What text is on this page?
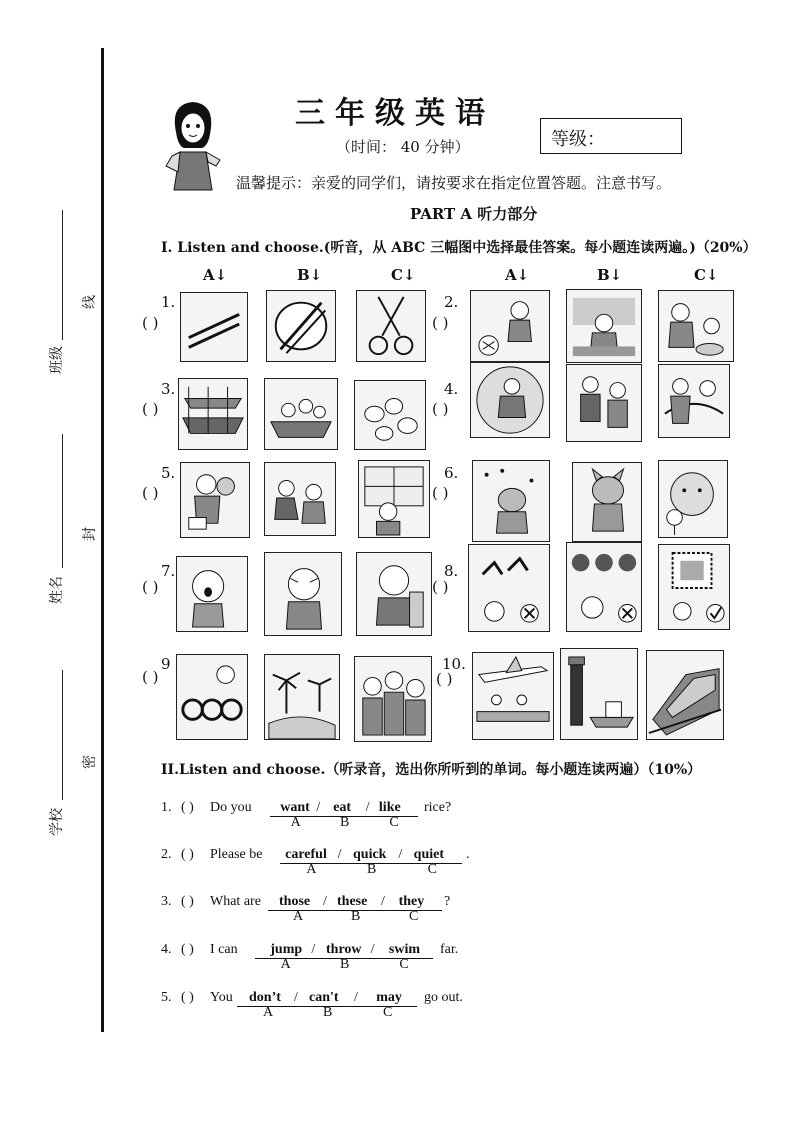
线
封
密
班级
姓名
学校
三年级英语
（时间： 40 分钟）	等级：
温馨提示：亲爱的同学们，请按要求在指定位置答题。注意书写。
PART A 听力部分
I. Listen and choose.(听音，从 ABC 三幅图中选择最佳答案。每小题连读两遍。)（20%）
A↓	B↓	C↓	A↓	B↓	C↓
1.
( )
2.
( )
3.
( )
4.
( )
5.
( )
6.
( )
7.
( )
8.
( )
9
( )
10.
( )
II.Listen and choose.（听录音，选出你所听到的单词。每小题连读两遍）（10%）
1. ( ) Do you want
A
/ eat
B
/ like
C
rice?
2. ( ) Please be careful
A
/ quick
B
/ quiet
C
.
3. ( ) What are those
A
/ these
B
/ they
C
?
4. ( ) I can jump
A
/ throw
B
/ swim
C
far.
5. ( ) You don’t
A
/ can't
B
/ may
C
go out.
